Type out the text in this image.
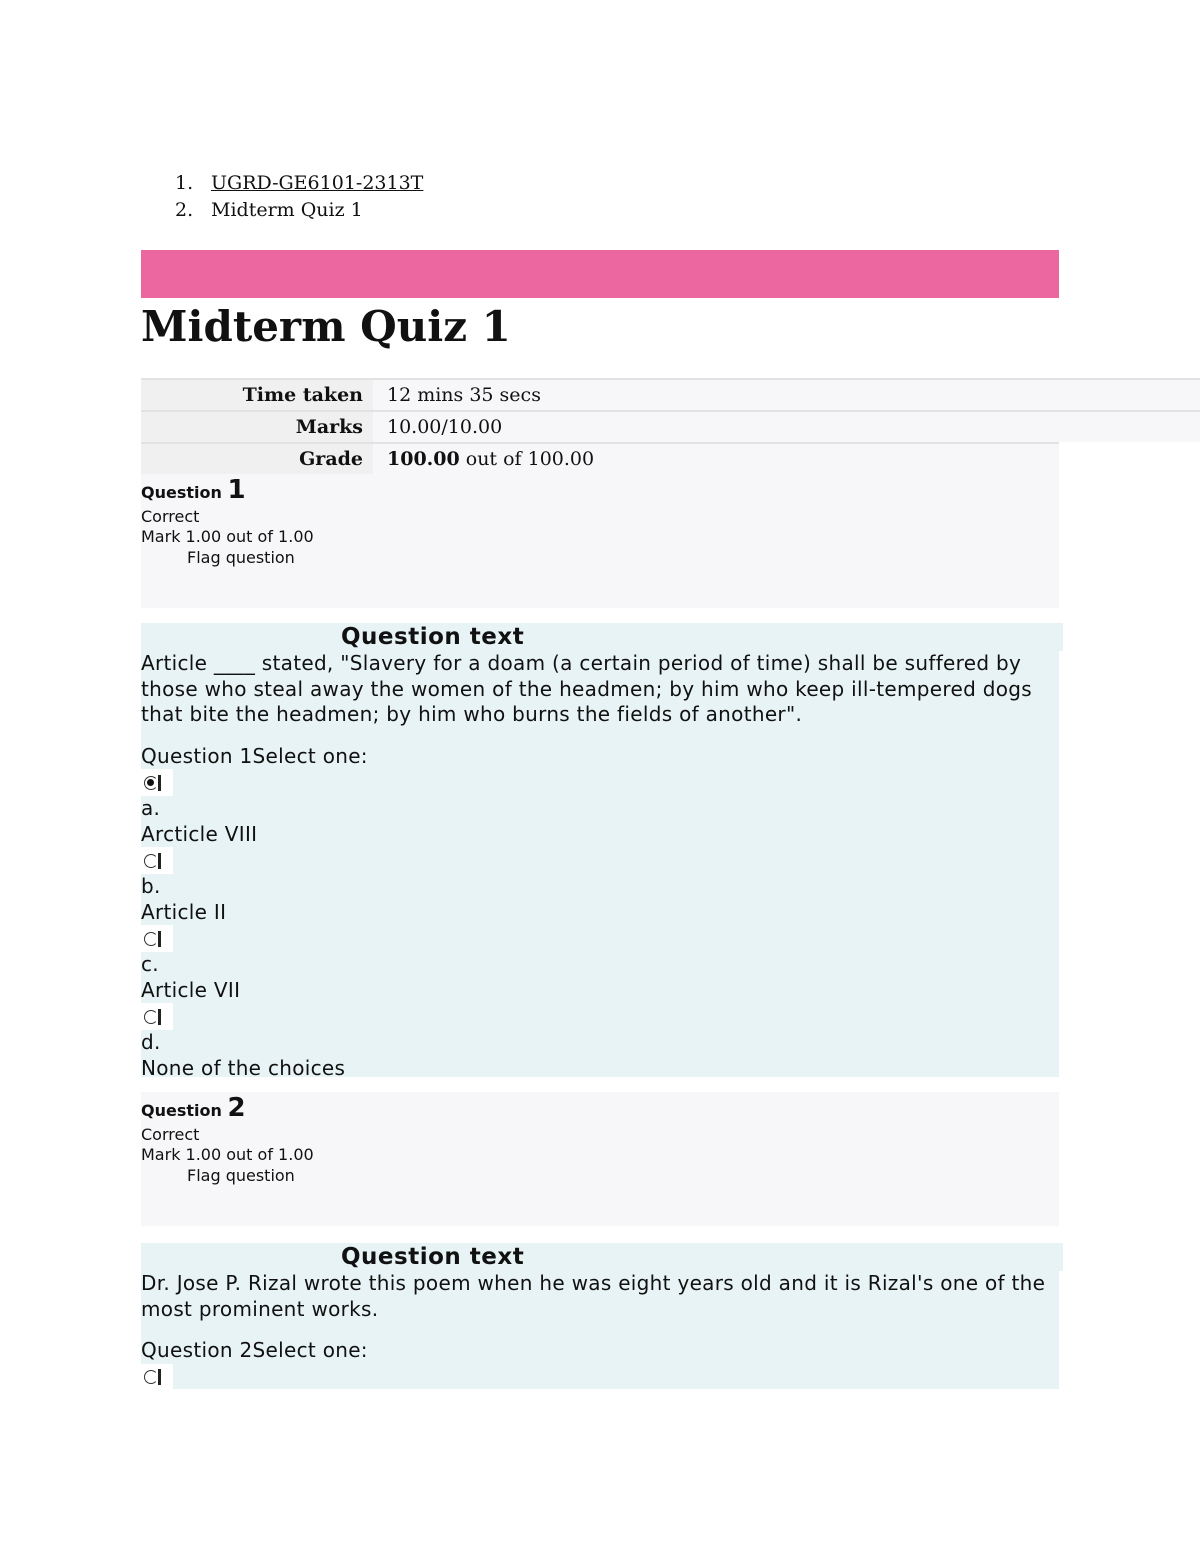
1. UGRD-GE6101-2313T
2. Midterm Quiz 1
Midterm Quiz 1
Time taken	12 mins 35 secs
Marks	10.00/10.00
Grade	100.00 out of 100.00
Question 1
Correct
Mark 1.00 out of 1.00
Flag question
Question text
Article ____ stated, "Slavery for a doam (a certain period of time) shall be suffered by those who steal away the women of the headmen; by him who keep ill-tempered dogs that bite the headmen; by him who burns the fields of another".
Question 1Select one:
a.
Arcticle VIII
b.
Article II
c.
Article VII
d.
None of the choices
Question 2
Correct
Mark 1.00 out of 1.00
Flag question
Question text
Dr. Jose P. Rizal wrote this poem when he was eight years old and it is Rizal's one of the most prominent works.
Question 2Select one:
